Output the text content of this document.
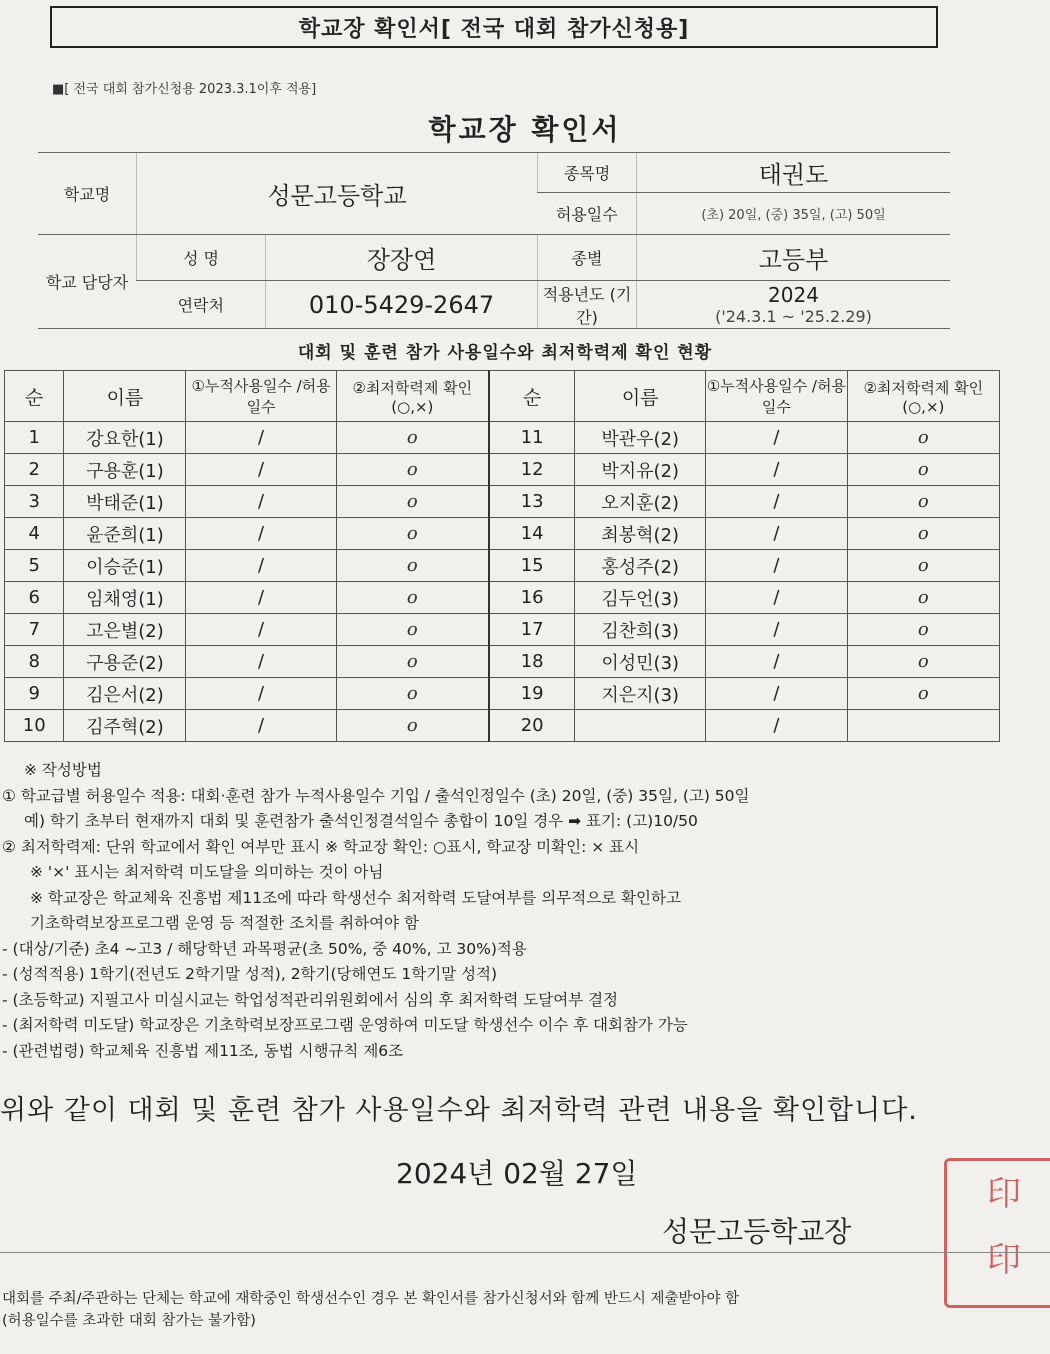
학교장 확인서[ 전국 대회 참가신청용]
■[ 전국 대회 참가신청용 2023.3.1이후 적용]
학교장 확인서
학교명	성문고등학교		종목명	태권도
			허용일수	(초) 20일, (중) 35일, (고) 50일
학교 담당자	성 명	장장연	종별	고등부
	연락처	010-5429-2647	적용년도 (기간)	2024
('24.3.1 ~ '25.2.29)
대회 및 훈련 참가 사용일수와 최저학력제 확인 현황
순	이름	①누적사용일수 /허용일수	②최저학력제 확인(○,×)	순	이름	①누적사용일수 /허용일수	②최저학력제 확인(○,×)
1	강요한(1)	/	o	11	박관우(2)	/	o
2	구용훈(1)	/	o	12	박지유(2)	/	o
3	박태준(1)	/	o	13	오지훈(2)	/	o
4	윤준희(1)	/	o	14	최봉혁(2)	/	o
5	이승준(1)	/	o	15	홍성주(2)	/	o
6	임채영(1)	/	o	16	김두언(3)	/	o
7	고은별(2)	/	o	17	김찬희(3)	/	o
8	구용준(2)	/	o	18	이성민(3)	/	o
9	김은서(2)	/	o	19	지은지(3)	/	o
10	김주혁(2)	/	o	20		/	

※ 작성방법

① 학교급별 허용일수 적용: 대회·훈련 참가 누적사용일수 기입 / 출석인정일수 (초) 20일, (중) 35일, (고) 50일

예) 학기 초부터 현재까지 대회 및 훈련참가 출석인정결석일수 총합이 10일 경우 ➡ 표기: (고)10/50

② 최저학력제: 단위 학교에서 확인 여부만 표시 ※ 학교장 확인: ○표시, 학교장 미확인: × 표시

※ '×' 표시는 최저학력 미도달을 의미하는 것이 아님

※ 학교장은 학교체육 진흥법 제11조에 따라 학생선수 최저학력 도달여부를 의무적으로 확인하고

기초학력보장프로그램 운영 등 적절한 조치를 취하여야 함

- (대상/기준) 초4 ~고3 / 해당학년 과목평균(초 50%, 중 40%, 고 30%)적용

- (성적적용) 1학기(전년도 2학기말 성적), 2학기(당해연도 1학기말 성적)

- (초등학교) 지필고사 미실시교는 학업성적관리위원회에서 심의 후 최저학력 도달여부 결정

- (최저학력 미도달) 학교장은 기초학력보장프로그램 운영하여 미도달 학생선수 이수 후 대회참가 가능

- (관련법령) 학교체육 진흥법 제11조, 동법 시행규칙 제6조

위와 같이 대회 및 훈련 참가 사용일수와 최저학력 관련 내용을 확인합니다.
2024년 02월 27일
성문고등학교장
印
印

대회를 주최/주관하는 단체는 학교에 재학중인 학생선수인 경우 본 확인서를 참가신청서와 함께 반드시 제출받아야 함

(허용일수를 초과한 대회 참가는 불가함)
